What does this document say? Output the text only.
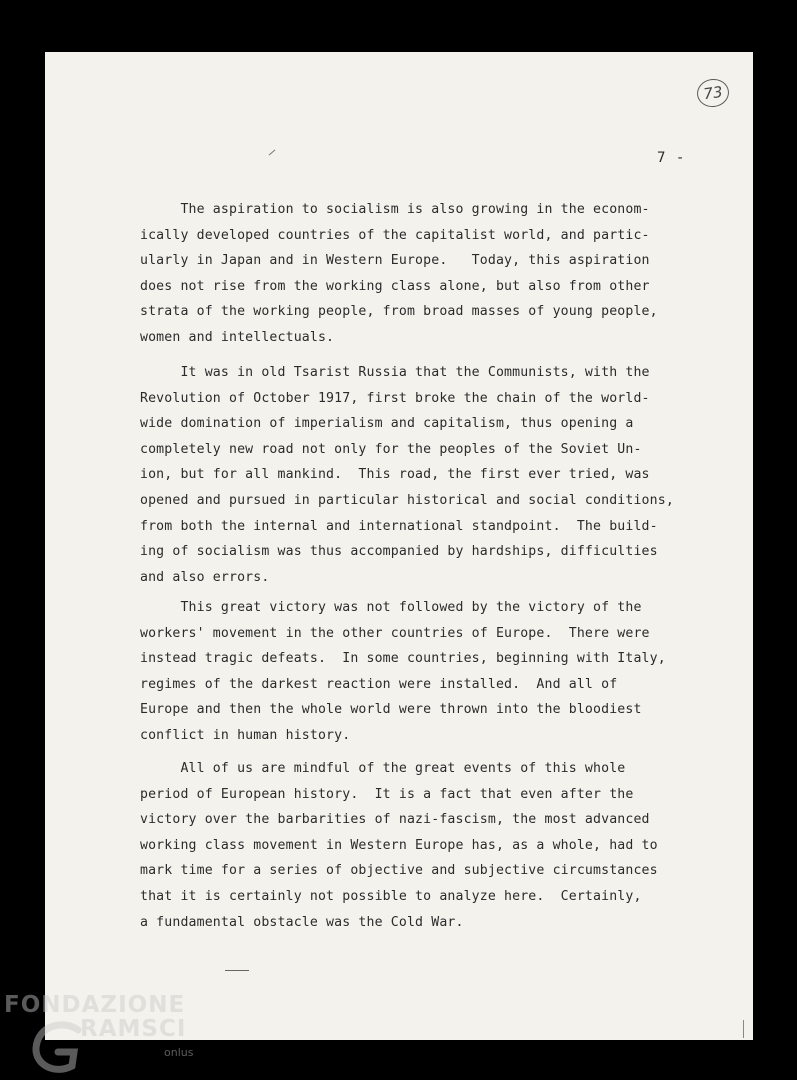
73
7 -
The aspiration to socialism is also growing in the econom-
ically developed countries of the capitalist world, and partic-
ularly in Japan and in Western Europe.   Today, this aspiration
does not rise from the working class alone, but also from other
strata of the working people, from broad masses of young people,
women and intellectuals.
It was in old Tsarist Russia that the Communists, with the
Revolution of October 1917, first broke the chain of the world-
wide domination of imperialism and capitalism, thus opening a
completely new road not only for the peoples of the Soviet Un-
ion, but for all mankind.  This road, the first ever tried, was
opened and pursued in particular historical and social conditions,
from both the internal and international standpoint.  The build-
ing of socialism was thus accompanied by hardships, difficulties
and also errors.
This great victory was not followed by the victory of the
workers' movement in the other countries of Europe.  There were
instead tragic defeats.  In some countries, beginning with Italy,
regimes of the darkest reaction were installed.  And all of
Europe and then the whole world were thrown into the bloodiest
conflict in human history.
All of us are mindful of the great events of this whole
period of European history.  It is a fact that even after the
victory over the barbarities of nazi-fascism, the most advanced
working class movement in Western Europe has, as a whole, had to
mark time for a series of objective and subjective circumstances
that it is certainly not possible to analyze here.  Certainly,
a fundamental obstacle was the Cold War.
FONDAZIONE
RAMSCI
onlus
